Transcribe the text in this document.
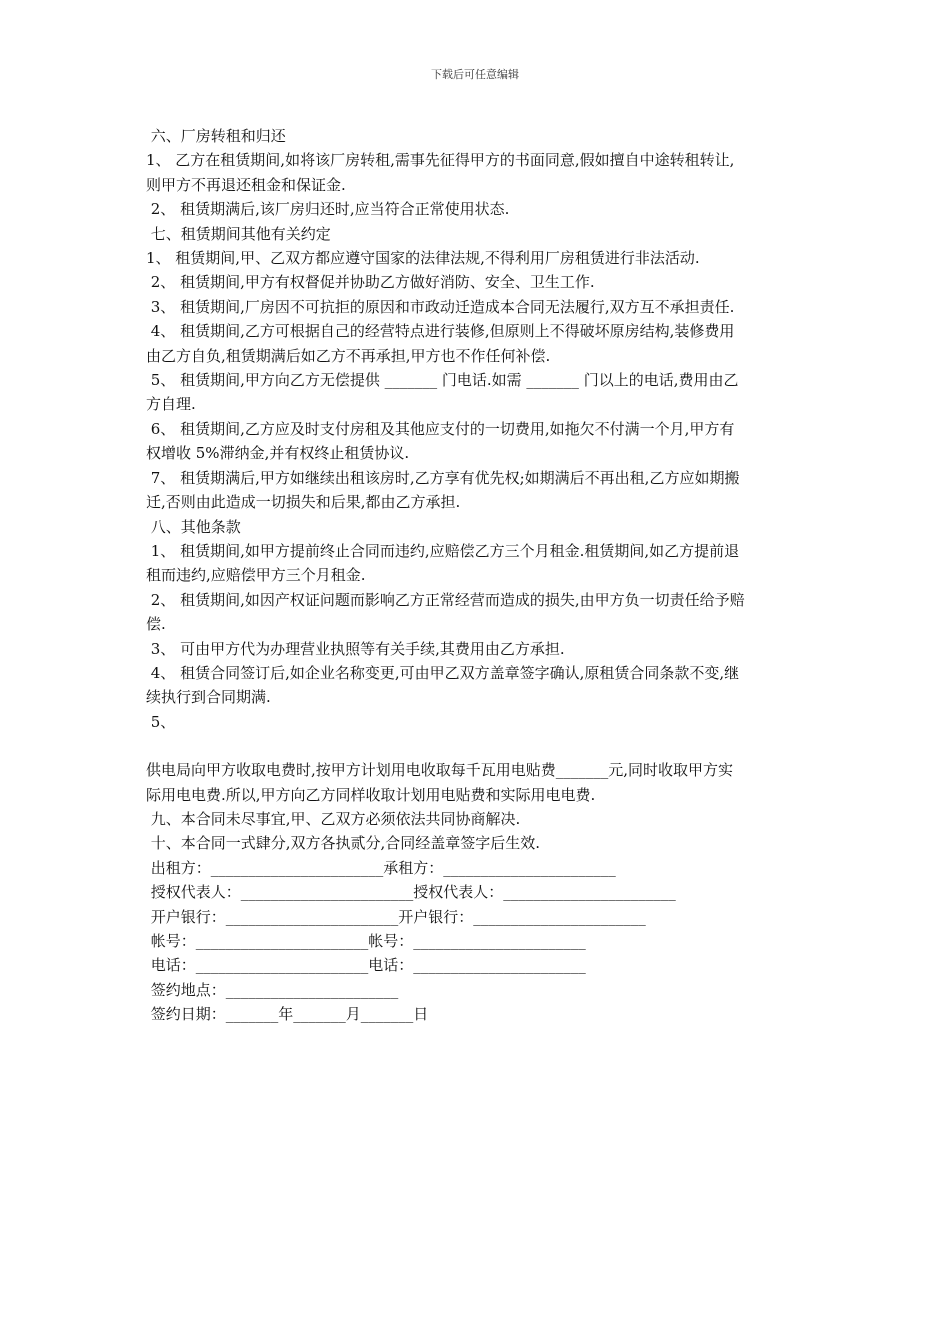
下载后可任意编辑
六、厂房转租和归还
1、 乙方在租赁期间,如将该厂房转租,需事先征得甲方的书面同意,假如擅自中途转租转让,
则甲方不再退还租金和保证金.
2、 租赁期满后,该厂房归还时,应当符合正常使用状态.
七、租赁期间其他有关约定
1、 租赁期间,甲、乙双方都应遵守国家的法律法规,不得利用厂房租赁进行非法活动.
2、 租赁期间,甲方有权督促并协助乙方做好消防、安全、卫生工作.
3、 租赁期间,厂房因不可抗拒的原因和市政动迁造成本合同无法履行,双方互不承担责任.
4、 租赁期间,乙方可根据自己的经营特点进行装修,但原则上不得破坏原房结构,装修费用
由乙方自负,租赁期满后如乙方不再承担,甲方也不作任何补偿.
5、 租赁期间,甲方向乙方无偿提供 _______ 门电话.如需 _______ 门以上的电话,费用由乙
方自理.
6、 租赁期间,乙方应及时支付房租及其他应支付的一切费用,如拖欠不付满一个月,甲方有
权增收 5%滞纳金,并有权终止租赁协议.
7、 租赁期满后,甲方如继续出租该房时,乙方享有优先权;如期满后不再出租,乙方应如期搬
迁,否则由此造成一切损失和后果,都由乙方承担.
八、其他条款
1、 租赁期间,如甲方提前终止合同而违约,应赔偿乙方三个月租金.租赁期间,如乙方提前退
租而违约,应赔偿甲方三个月租金.
2、 租赁期间,如因产权证问题而影响乙方正常经营而造成的损失,由甲方负一切责任给予赔
偿.
3、 可由甲方代为办理营业执照等有关手续,其费用由乙方承担.
4、 租赁合同签订后,如企业名称变更,可由甲乙双方盖章签字确认,原租赁合同条款不变,继
续执行到合同期满.
5、
供电局向甲方收取电费时,按甲方计划用电收取每千瓦用电贴费_______元,同时收取甲方实
际用电电费.所以,甲方向乙方同样收取计划用电贴费和实际用电电费.
九、本合同未尽事宜,甲、乙双方必须依法共同协商解决.
十、本合同一式肆分,双方各执贰分,合同经盖章签字后生效.
出租方：_______________________承租方：_______________________
授权代表人：_______________________授权代表人：_______________________
开户银行：_______________________开户银行：_______________________
帐号：_______________________帐号：_______________________
电话：_______________________电话：_______________________
签约地点：_______________________
签约日期：_______年_______月_______日
